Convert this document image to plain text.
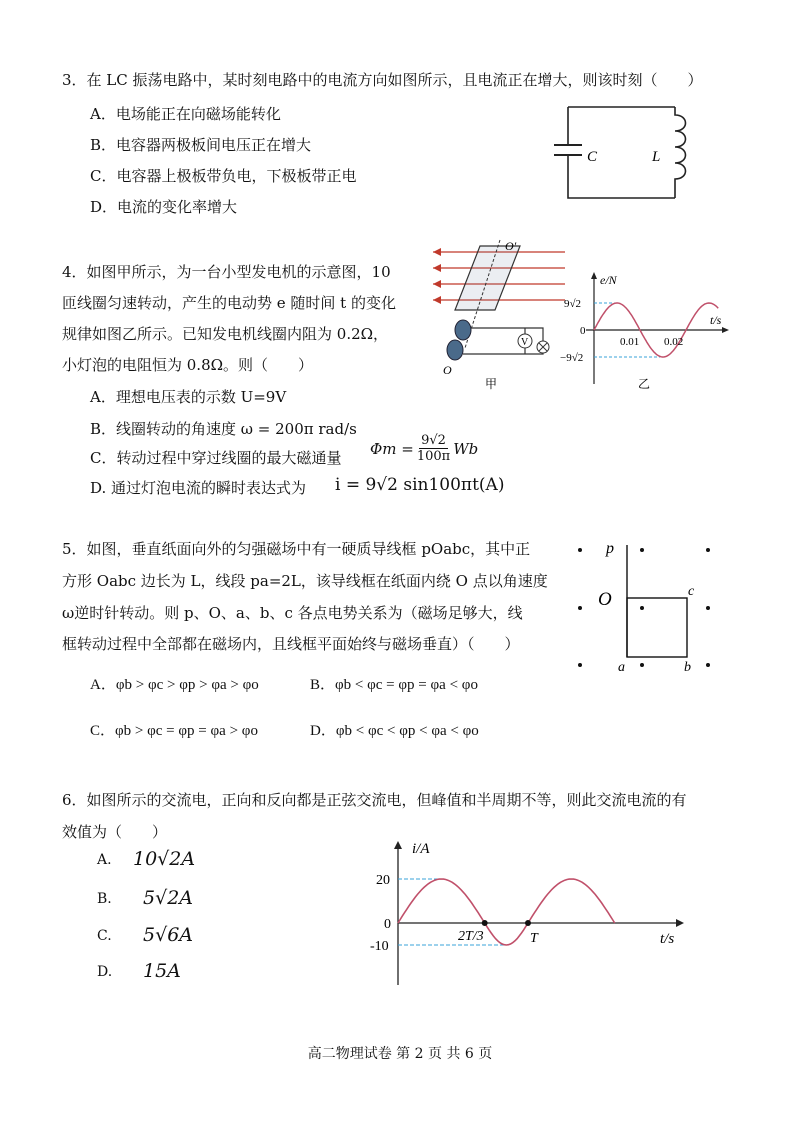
3．在 LC 振荡电路中，某时刻电路中的电流方向如图所示，且电流正在增大，则该时刻（　　）
A．电场能正在向磁场能转化
B．电容器两极板间电压正在增大
C．电容器上极板带负电，下极板带正电
D．电流的变化率增大
C	L
4．如图甲所示，为一台小型发电机的示意图，10
匝线圈匀速转动，产生的电动势 e 随时间 t 的变化
规律如图乙所示。已知发电机线圈内阻为 0.2Ω，
小灯泡的电阻恒为 0.8Ω。则（　　）
A．理想电压表的示数 U=9V
B．线圈转动的角速度 ω = 200π rad/s
C．转动过程中穿过线圈的最大磁通量
$\Phi m = \frac{9√2}{100\pi}$ Wb
D. 通过灯泡电流的瞬时表达式为 i = 9√2 sin100πt(A)
O′
O
V
甲
e/N
t/s
9√2
−9√2
0
0.01 0.02
乙
5．如图，垂直纸面向外的匀强磁场中有一硬质导线框 pOabc，其中正
方形 Oabc 边长为 L，线段 pa=2L，该导线框在纸面内绕 O 点以角速度
ω逆时针转动。则 p、O、a、b、c 各点电势关系为（磁场足够大，线
框转动过程中全部都在磁场内，且线框平面始终与磁场垂直）（　　）
A．φb > φc > φp > φa > φo	B．φb < φc = φp = φa < φo
C．φb > φc = φp = φa > φo	D．φb < φc < φp < φa < φo
p
O
a	b
c
6．如图所示的交流电，正向和反向都是正弦交流电，但峰值和半周期不等，则此交流电流的有
效值为（　　）
A. 10√2A
B. 5√2A
C. 5√6A
D. 15A
i/A
t/s
20
0
-10
2T/3	T
高二物理试卷 第 2 页 共 6 页
